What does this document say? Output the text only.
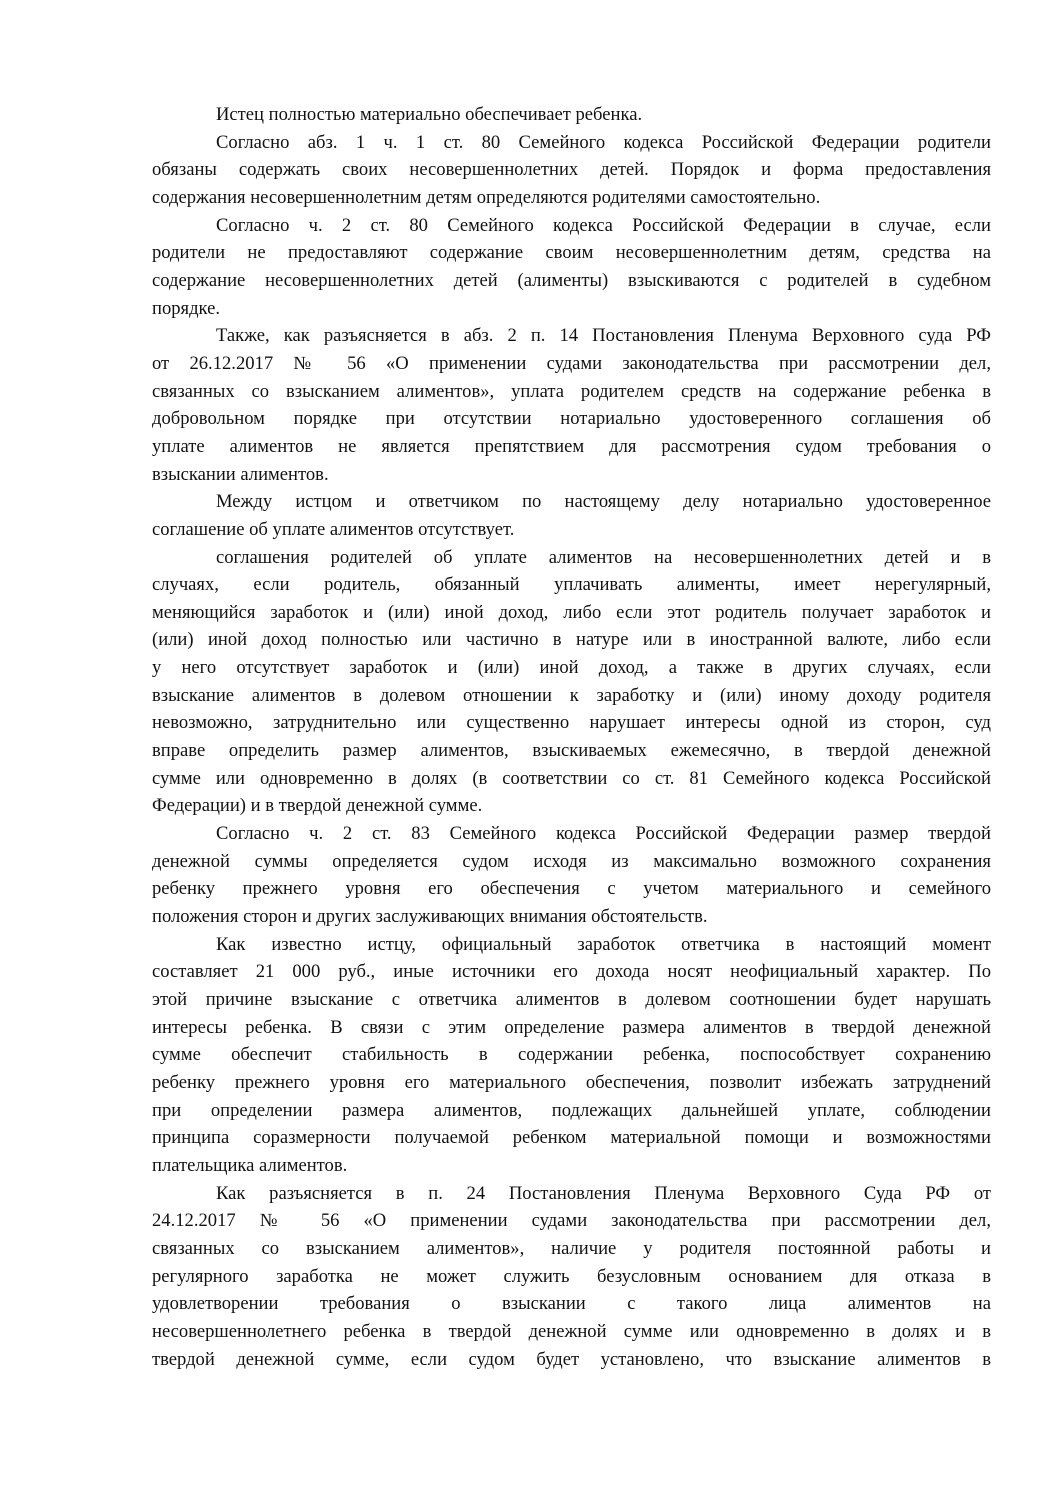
Истец полностью материально обеспечивает ребенка.
Согласно абз. 1 ч. 1 ст. 80 Семейного кодекса Российской Федерации родители
обязаны содержать своих несовершеннолетних детей. Порядок и форма предоставления
содержания несовершеннолетним детям определяются родителями самостоятельно.
Согласно ч. 2 ст. 80 Семейного кодекса Российской Федерации в случае, если
родители не предоставляют содержание своим несовершеннолетним детям, средства на
содержание несовершеннолетних детей (алименты) взыскиваются с родителей в судебном
порядке.
Также, как разъясняется в абз. 2 п. 14 Постановления Пленума Верховного суда РФ
от 26.12.2017 № 56 «О применении судами законодательства при рассмотрении дел,
связанных со взысканием алиментов», уплата родителем средств на содержание ребенка в
добровольном порядке при отсутствии нотариально удостоверенного соглашения об
уплате алиментов не является препятствием для рассмотрения судом требования о
взыскании алиментов.
Между истцом и ответчиком по настоящему делу нотариально удостоверенное
соглашение об уплате алиментов отсутствует.
соглашения родителей об уплате алиментов на несовершеннолетних детей и в
случаях, если родитель, обязанный уплачивать алименты, имеет нерегулярный,
меняющийся заработок и (или) иной доход, либо если этот родитель получает заработок и
(или) иной доход полностью или частично в натуре или в иностранной валюте, либо если
у него отсутствует заработок и (или) иной доход, а также в других случаях, если
взыскание алиментов в долевом отношении к заработку и (или) иному доходу родителя
невозможно, затруднительно или существенно нарушает интересы одной из сторон, суд
вправе определить размер алиментов, взыскиваемых ежемесячно, в твердой денежной
сумме или одновременно в долях (в соответствии со ст. 81 Семейного кодекса Российской
Федерации) и в твердой денежной сумме.
Согласно ч. 2 ст. 83 Семейного кодекса Российской Федерации размер твердой
денежной суммы определяется судом исходя из максимально возможного сохранения
ребенку прежнего уровня его обеспечения с учетом материального и семейного
положения сторон и других заслуживающих внимания обстоятельств.
Как известно истцу, официальный заработок ответчика в настоящий момент
составляет 21 000 руб., иные источники его дохода носят неофициальный характер. По
этой причине взыскание с ответчика алиментов в долевом соотношении будет нарушать
интересы ребенка. В связи с этим определение размера алиментов в твердой денежной
сумме обеспечит стабильность в содержании ребенка, поспособствует сохранению
ребенку прежнего уровня его материального обеспечения, позволит избежать затруднений
при определении размера алиментов, подлежащих дальнейшей уплате, соблюдении
принципа соразмерности получаемой ребенком материальной помощи и возможностями
плательщика алиментов.
Как разъясняется в п. 24 Постановления Пленума Верховного Суда РФ от
24.12.2017 № 56 «О применении судами законодательства при рассмотрении дел,
связанных со взысканием алиментов», наличие у родителя постоянной работы и
регулярного заработка не может служить безусловным основанием для отказа в
удовлетворении требования о взыскании с такого лица алиментов на
несовершеннолетнего ребенка в твердой денежной сумме или одновременно в долях и в
твердой денежной сумме, если судом будет установлено, что взыскание алиментов в
